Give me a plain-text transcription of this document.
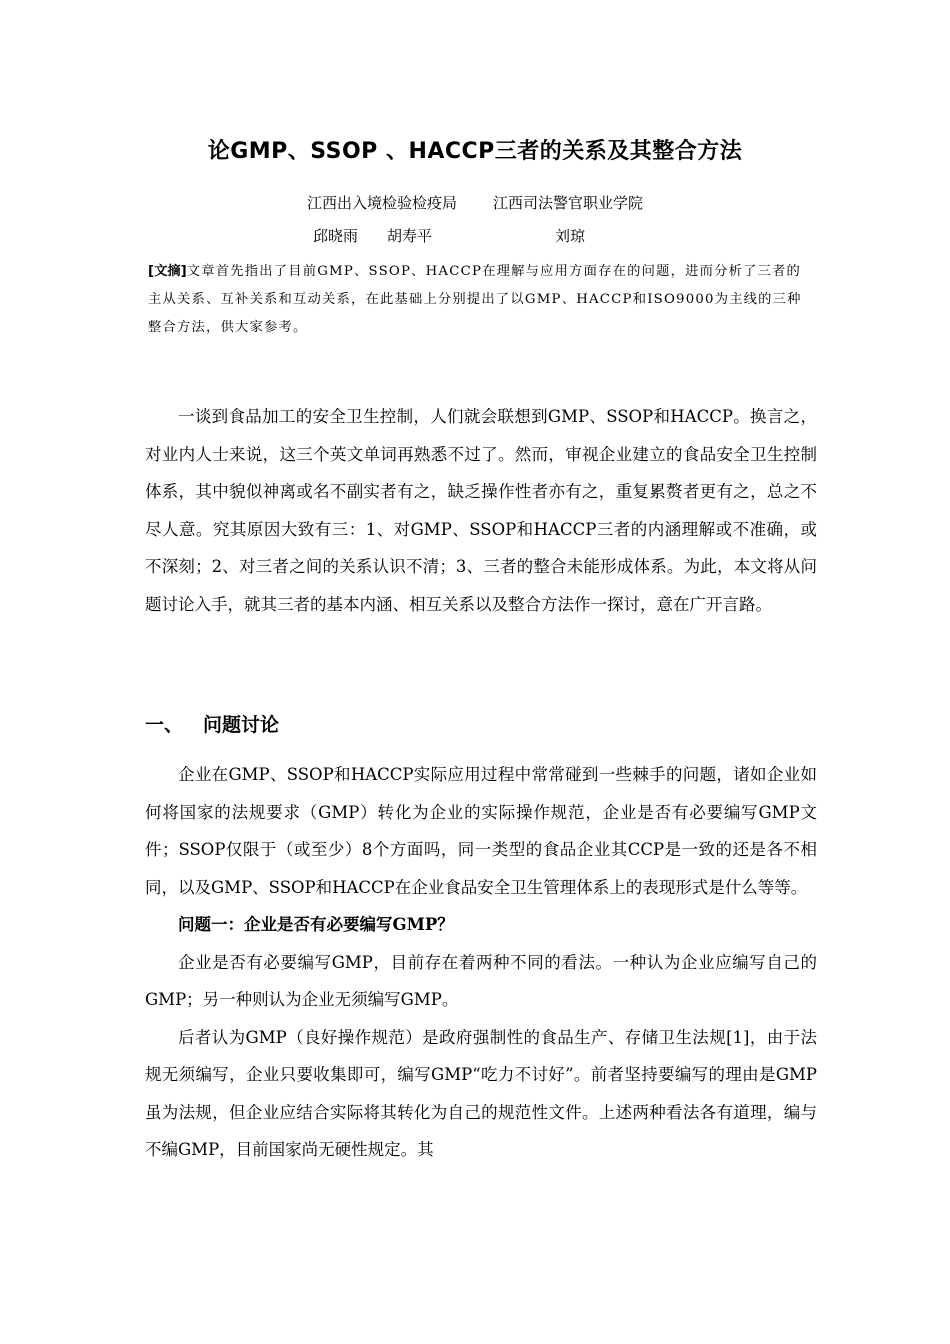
论GMP、SSOP 、HACCP三者的关系及其整合方法
江西出入境检验检疫局 江西司法警官职业学院
邱晓雨 胡寿平	刘琼
[文摘]文章首先指出了目前GMP、SSOP、HACCP在理解与应用方面存在的问题，进而分析了三者的主从关系、互补关系和互动关系，在此基础上分别提出了以GMP、HACCP和ISO9000为主线的三种整合方法，供大家参考。

一谈到食品加工的安全卫生控制，人们就会联想到GMP、SSOP和HACCP。换言之，对业内人士来说，这三个英文单词再熟悉不过了。然而，审视企业建立的食品安全卫生控制体系，其中貌似神离或名不副实者有之，缺乏操作性者亦有之，重复累赘者更有之，总之不尽人意。究其原因大致有三：1、对GMP、SSOP和HACCP三者的内涵理解或不准确，或不深刻；2、对三者之间的关系认识不清；3、三者的整合未能形成体系。为此，本文将从问题讨论入手，就其三者的基本内涵、相互关系以及整合方法作一探讨，意在广开言路。

一、 问题讨论

企业在GMP、SSOP和HACCP实际应用过程中常常碰到一些棘手的问题，诸如企业如何将国家的法规要求（GMP）转化为企业的实际操作规范，企业是否有必要编写GMP文件；SSOP仅限于（或至少）8个方面吗，同一类型的食品企业其CCP是一致的还是各不相同，以及GMP、SSOP和HACCP在企业食品安全卫生管理体系上的表现形式是什么等等。

问题一：企业是否有必要编写GMP？

企业是否有必要编写GMP，目前存在着两种不同的看法。一种认为企业应编写自己的GMP；另一种则认为企业无须编写GMP。

后者认为GMP（良好操作规范）是政府强制性的食品生产、存储卫生法规[1]，由于法规无须编写，企业只要收集即可，编写GMP“吃力不讨好”。前者坚持要编写的理由是GMP虽为法规，但企业应结合实际将其转化为自己的规范性文件。上述两种看法各有道理，编与不编GMP，目前国家尚无硬性规定。其
